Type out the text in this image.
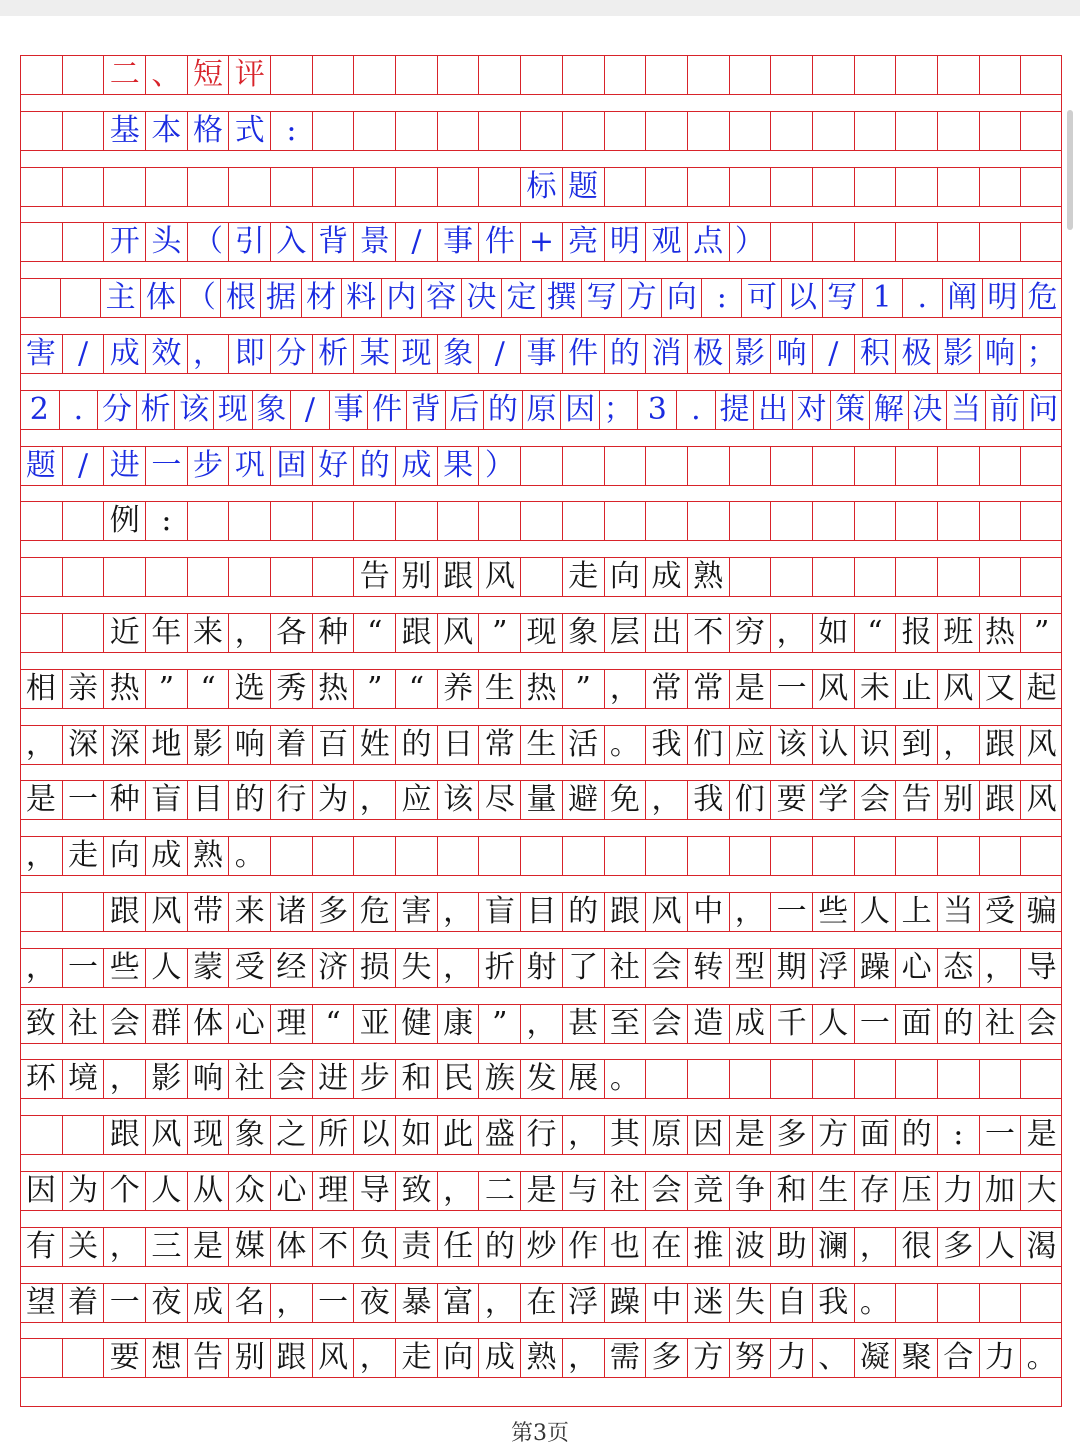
二 、 短 评
基 本 格 式 :
标 题
开 头 （ 引 入 背 景 / 事 件 + 亮 明 观 点 ）
主 体 （ 根 据 材 料 内 容 决 定 撰 写 方 向 : 可 以 写 1 . 阐 明 危
害 / 成 效 ， 即 分 析 某 现 象 / 事 件 的 消 极 影 响 / 积 极 影 响 ；
2 . 分 析 该 现 象 / 事 件 背 后 的 原 因 ； 3 . 提 出 对 策 解 决 当 前 问
题 / 进 一 步 巩 固 好 的 成 果 ）
例 :
告 别 跟 风 走 向 成 熟
近 年 来 ， 各 种 “ 跟 风 ” 现 象 层 出 不 穷 ， 如 “ 报 班 热 ”
相 亲 热 ” “ 选 秀 热 ” “ 养 生 热 ” ， 常 常 是 一 风 未 止 风 又 起
， 深 深 地 影 响 着 百 姓 的 日 常 生 活 。 我 们 应 该 认 识 到 ， 跟 风
是 一 种 盲 目 的 行 为 ， 应 该 尽 量 避 免 ， 我 们 要 学 会 告 别 跟 风
， 走 向 成 熟 。
跟 风 带 来 诸 多 危 害 ， 盲 目 的 跟 风 中 ， 一 些 人 上 当 受 骗
， 一 些 人 蒙 受 经 济 损 失 ， 折 射 了 社 会 转 型 期 浮 躁 心 态 ， 导
致 社 会 群 体 心 理 “ 亚 健 康 ” ， 甚 至 会 造 成 千 人 一 面 的 社 会
环 境 ， 影 响 社 会 进 步 和 民 族 发 展 。
跟 风 现 象 之 所 以 如 此 盛 行 ， 其 原 因 是 多 方 面 的 : 一 是
因 为 个 人 从 众 心 理 导 致 ， 二 是 与 社 会 竞 争 和 生 存 压 力 加 大
有 关 ， 三 是 媒 体 不 负 责 任 的 炒 作 也 在 推 波 助 澜 ， 很 多 人 渴
望 着 一 夜 成 名 ， 一 夜 暴 富 ， 在 浮 躁 中 迷 失 自 我 。
要 想 告 别 跟 风 ， 走 向 成 熟 ， 需 多 方 努 力 、 凝 聚 合 力 。
第3页
